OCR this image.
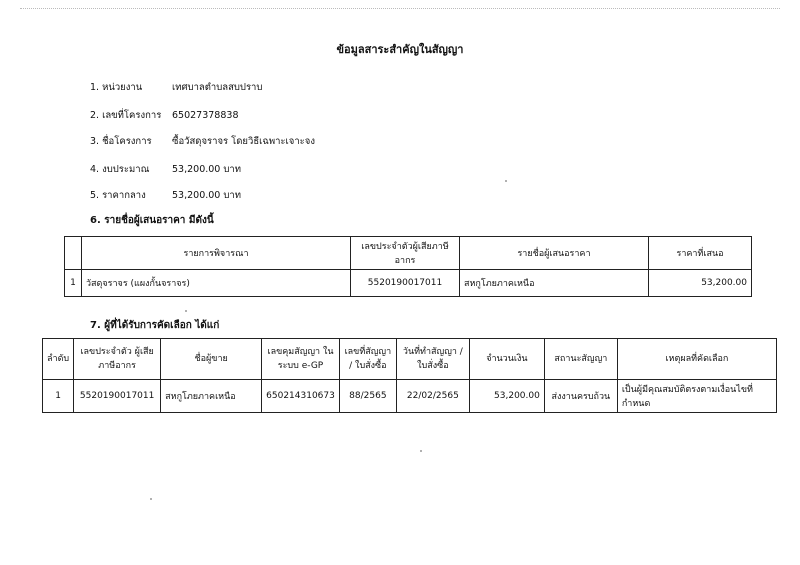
ข้อมูลสาระสำคัญในสัญญา
1. หน่วยงาน	เทศบาลตำบลสบปราบ
2. เลขที่โครงการ 65027378838
3. ชื่อโครงการ ซื้อวัสดุจราจร โดยวิธีเฉพาะเจาะจง
4. งบประมาณ 53,200.00 บาท
5. ราคากลาง	53,200.00 บาท
6. รายชื่อผู้เสนอราคา มีดังนี้
	รายการพิจารณา	เลขประจำตัวผู้เสียภาษีอากร	รายชื่อผู้เสนอราคา	ราคาที่เสนอ
1	วัสดุจราจร (แผงกั้นจราจร)	5520190017011	สหกูโภยภาคเหนือ	53,200.00
7. ผู้ที่ได้รับการคัดเลือก ได้แก่
ลำดับ	เลขประจำตัว ผู้เสียภาษีอากร	ชื่อผู้ขาย	เลขคุมสัญญา ในระบบ e-GP	เลขที่สัญญา / ใบสั่งซื้อ	วันที่ทำสัญญา / ใบสั่งซื้อ	จำนวนเงิน	สถานะสัญญา	เหตุผลที่คัดเลือก
1	5520190017011	สหกูโภยภาคเหนือ	650214310673	88/2565	22/02/2565	53,200.00	ส่งงานครบถ้วน	เป็นผู้มีคุณสมบัติตรงตามเงื่อนไขที่กำหนด
